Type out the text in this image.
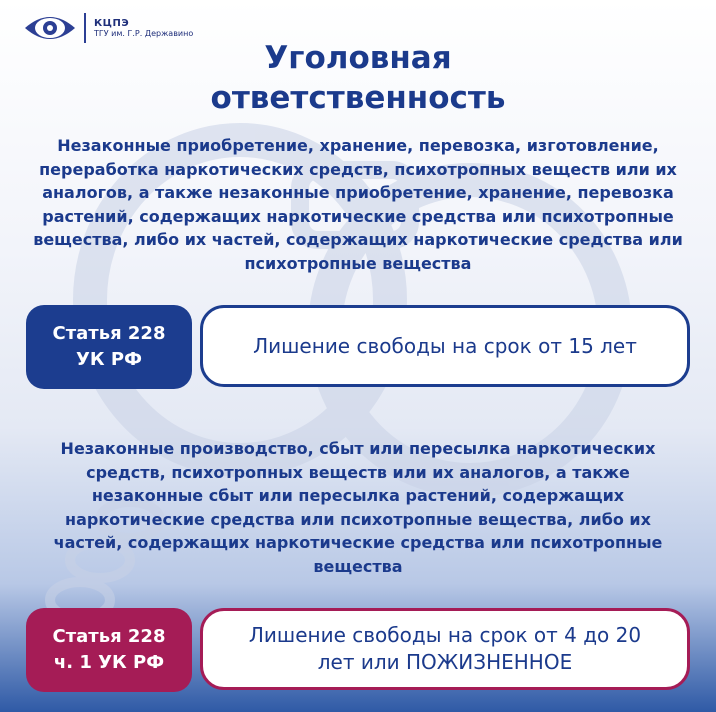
КЦПЭ
ТГУ им. Г.Р. Державино
Уголовная
ответственность
Незаконные приобретение, хранение, перевозка, изготовление, переработка наркотических средств, психотропных веществ или их аналогов, а также незаконные приобретение, хранение, перевозка растений, содержащих наркотические средства или психотропные вещества, либо их частей, содержащих наркотические средства или психотропные вещества
Статья 228
УК РФ
Лишение свободы на срок от 15 лет
Незаконные производство, сбыт или пересылка наркотических средств, психотропных веществ или их аналогов, а также незаконные сбыт или пересылка растений, содержащих наркотические средства или психотропные вещества, либо их частей, содержащих наркотические средства или психотропные вещества
Статья 228
ч. 1 УК РФ
Лишение свободы на срок от 4 до 20 лет или ПОЖИЗНЕННОЕ
